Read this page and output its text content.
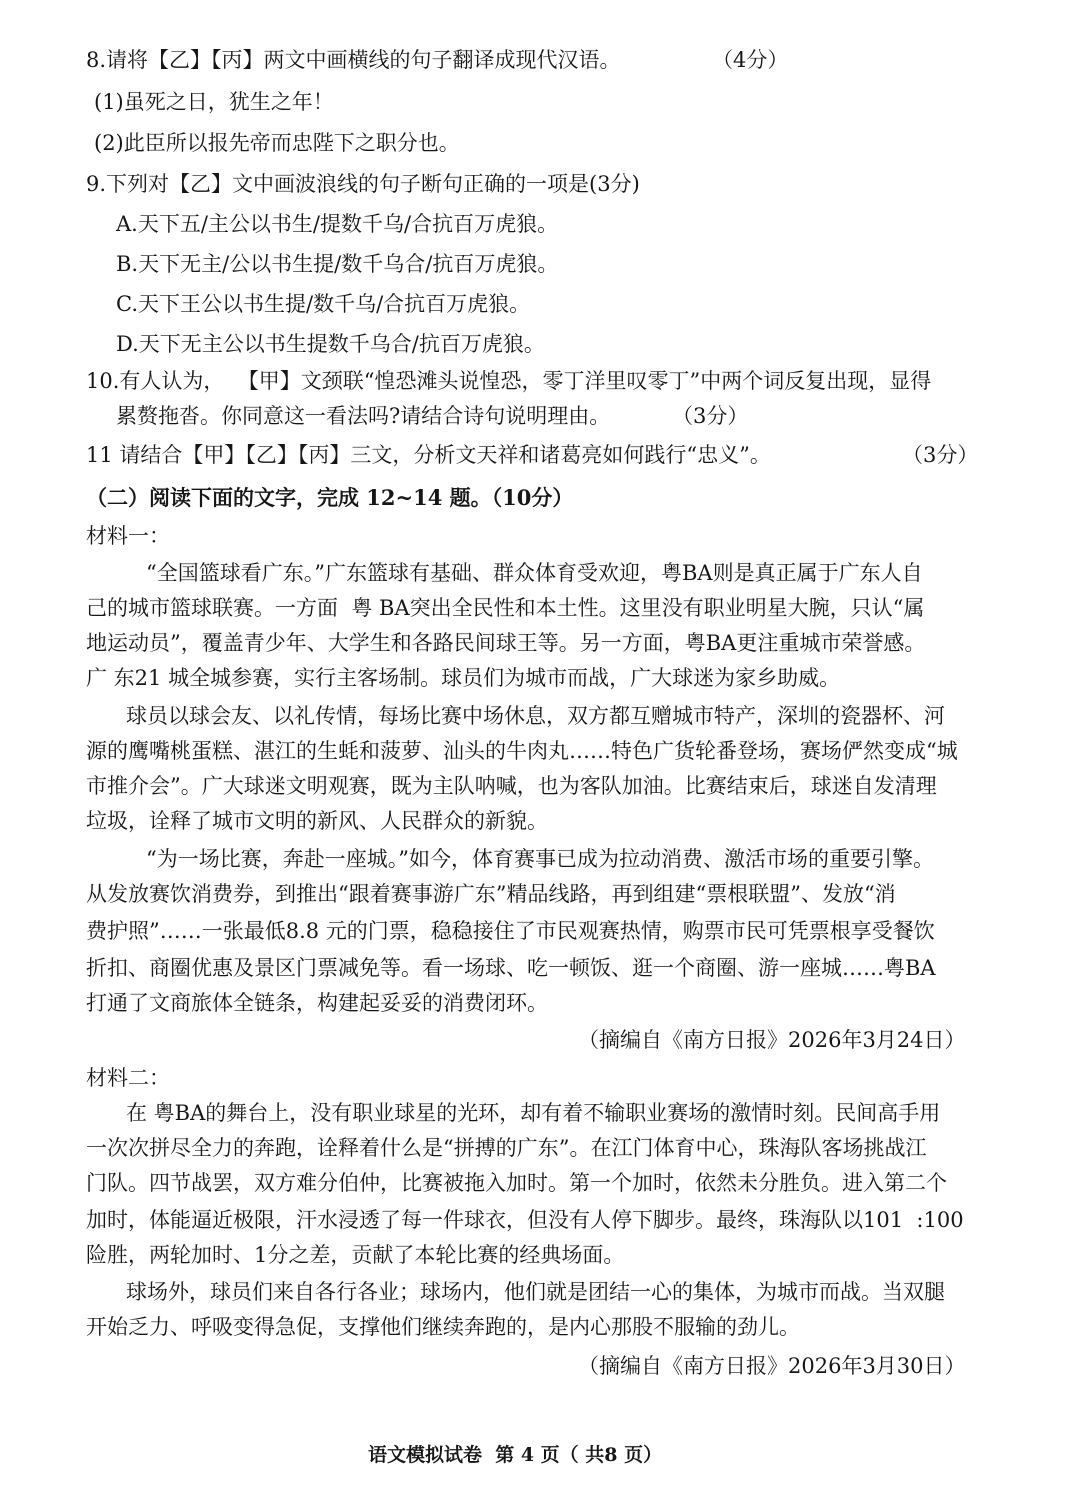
8.请将【乙】【丙】两文中画横线的句子翻译成现代汉语。	（4分）
(1)虽死之日，犹生之年！
(2)此臣所以报先帝而忠陛下之职分也。
9.下列对【乙】文中画波浪线的句子断句正确的一项是(3分)
A.天下五/主公以书生/提数千乌/合抗百万虎狼。
B.天下无主/公以书生提/数千乌合/抗百万虎狼。
C.天下王公以书生提/数千乌/合抗百万虎狼。
D.天下无主公以书生提数千乌合/抗百万虎狼。
10.有人认为，  【甲】文颈联“惶恐滩头说惶恐，零丁洋里叹零丁”中两个词反复出现，显得
累赘拖沓。你同意这一看法吗?请结合诗句说明理由。	（3分）
11 请结合【甲】【乙】【丙】三文，分析文天祥和诸葛亮如何践行“忠义”。	（3分）
（二）阅读下面的文字，完成 12~14 题。（10分）
材料一：
“全国篮球看广东。”广东篮球有基础、群众体育受欢迎，粤BA则是真正属于广东人自
己的城市篮球联赛。一方面  粤 BA突出全民性和本土性。这里没有职业明星大腕，只认“属
地运动员”，覆盖青少年、大学生和各路民间球王等。另一方面，粤BA更注重城市荣誉感。
广 东21 城全城参赛，实行主客场制。球员们为城市而战，广大球迷为家乡助威。
球员以球会友、以礼传情，每场比赛中场休息，双方都互赠城市特产，深圳的瓷器杯、河
源的鹰嘴桃蛋糕、湛江的生蚝和菠萝、汕头的牛肉丸……特色广货轮番登场，赛场俨然变成“城
市推介会”。广大球迷文明观赛，既为主队呐喊，也为客队加油。比赛结束后，球迷自发清理
垃圾，诠释了城市文明的新风、人民群众的新貌。
“为一场比赛，奔赴一座城。”如今，体育赛事已成为拉动消费、激活市场的重要引擎。
从发放赛饮消费券，到推出“跟着赛事游广东”精品线路，再到组建“票根联盟”、发放“消
费护照”……一张最低8.8 元的门票，稳稳接住了市民观赛热情，购票市民可凭票根享受餐饮
折扣、商圈优惠及景区门票减免等。看一场球、吃一顿饭、逛一个商圈、游一座城……粤BA
打通了文商旅体全链条，构建起妥妥的消费闭环。
（摘编自《南方日报》2026年3月24日）
材料二：
在 粤BA的舞台上，没有职业球星的光环，却有着不输职业赛场的激情时刻。民间高手用
一次次拼尽全力的奔跑，诠释着什么是“拼搏的广东”。在江门体育中心，珠海队客场挑战江
门队。四节战罢，双方难分伯仲，比赛被拖入加时。第一个加时，依然未分胜负。进入第二个
加时，体能逼近极限，汗水浸透了每一件球衣，但没有人停下脚步。最终，珠海队以101  :100
险胜，两轮加时、1分之差，贡献了本轮比赛的经典场面。
球场外，球员们来自各行各业；球场内，他们就是团结一心的集体，为城市而战。当双腿
开始乏力、呼吸变得急促，支撑他们继续奔跑的，是内心那股不服输的劲儿。
（摘编自《南方日报》2026年3月30日）
语文模拟试卷  第 4 页（ 共8 页）
